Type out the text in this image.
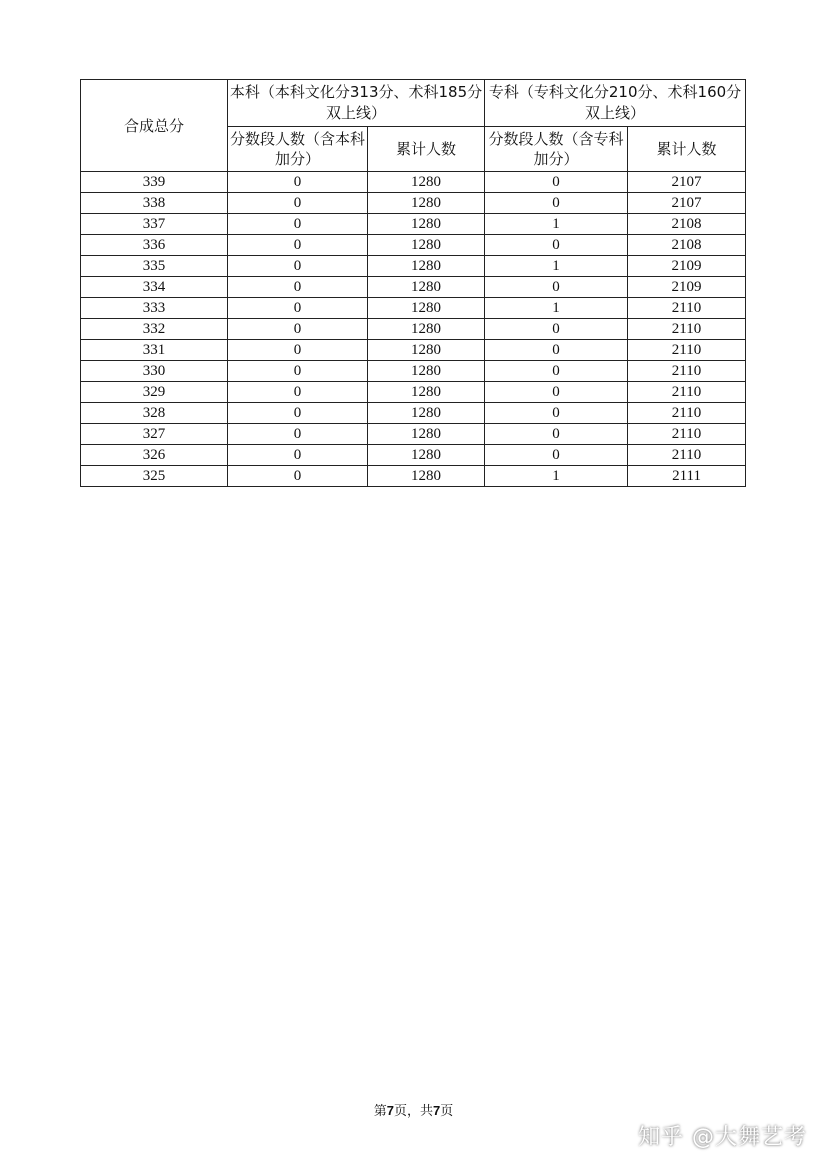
合成总分	本科（本科文化分313分、术科185分双上线）		专科（专科文化分210分、术科160分双上线）	
	分数段人数（含本科加分）	累计人数	分数段人数（含专科加分）	累计人数
339	0	1280	0	2107
338	0	1280	0	2107
337	0	1280	1	2108
336	0	1280	0	2108
335	0	1280	1	2109
334	0	1280	0	2109
333	0	1280	1	2110
332	0	1280	0	2110
331	0	1280	0	2110
330	0	1280	0	2110
329	0	1280	0	2110
328	0	1280	0	2110
327	0	1280	0	2110
326	0	1280	0	2110
325	0	1280	1	2111
第7页，共7页
知乎 @大舞艺考
